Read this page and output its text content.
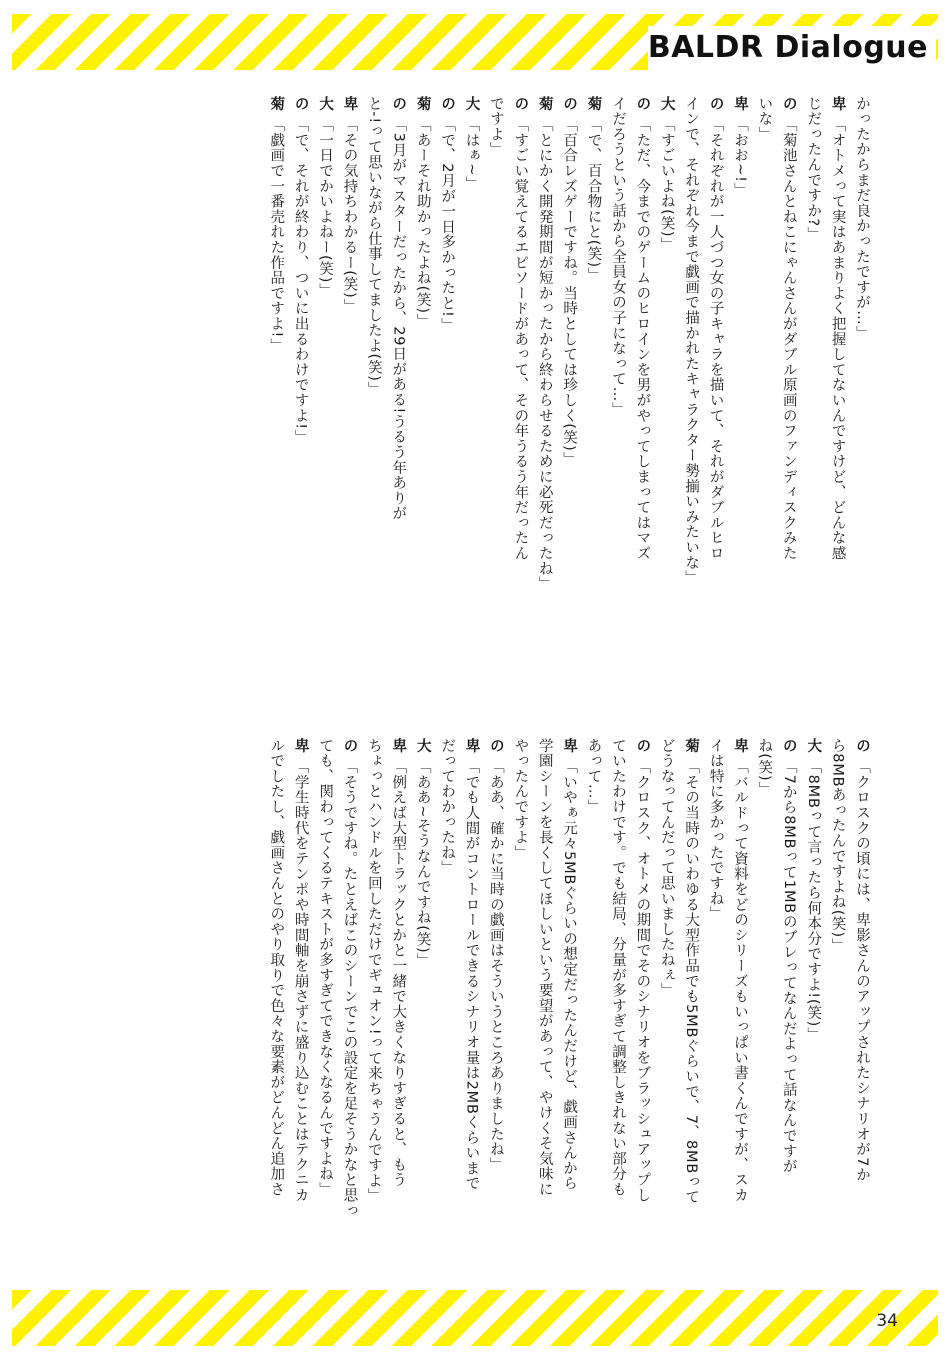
BALDR Dialogue
かったからまだ良かったですが…」
卑「オトメって実はあまりよく把握してないんですけど、どんな感
じだったんですか?」
の「菊池さんとねこにゃんさんがダブル原画のファンディスクみた
いな」
卑「おお~!」
の「それぞれが一人づつ女の子キャラを描いて、それがダブルヒロ
インで、それぞれ今まで戯画で描かれたキャラクター勢揃いみたいな」
大「すごいよね(笑)」
の「ただ、今までのゲームのヒロインを男がやってしまってはマズ
イだろうという話から全員女の子になって…」
菊「で、百合物にと(笑)」
の「百合レズゲーですね。当時としては珍しく(笑)」
菊「とにかく開発期間が短かったから終わらせるために必死だったね」
の「すごい覚えてるエピソードがあって、その年うるう年だったん
ですよ」
大「はぁ~」
の「で、2月が一日多かったと!」
菊「あーそれ助かったよね(笑)」
の「3月がマスターだったから、29日がある!うるう年ありが
と-!って思いながら仕事してましたよ(笑)」
卑「その気持ちわかるー(笑)」
大「一日でかいよねー(笑)」
の「で、それが終わり、ついに出るわけですよ!」
菊「戯画で一番売れた作品ですよ!」
の「クロスクの頃には、卑影さんのアップされたシナリオが7か
ら8MBあったんですよね(笑)」
大「8MBって言ったら何本分ですよ!(笑)」
の「7から8MBって1MBのブレってなんだよって話なんですが
ね(笑)」
卑「バルドって資料をどのシリーズもいっぱい書くんですが、スカ
イは特に多かったですね」
菊「その当時のいわゆる大型作品でも5MBぐらいで、7、8MBって
どうなってんだって思いましたねぇ」
の「クロスク、オトメの期間でそのシナリオをブラッシュアップし
ていたわけです。でも結局、分量が多すぎて調整しきれない部分も
あって…」
卑「いやぁ元々5MBぐらいの想定だったんだけど、戯画さんから
学園シーンを長くしてほしいという要望があって、やけくそ気味に
やったんですよ」
の「ああ、確かに当時の戯画はそういうところありましたね」
卑「でも人間がコントロールできるシナリオ量は2MBくらいまで
だってわかったね」
大「ああ~そうなんですね(笑)」
卑「例えば大型トラックとかと一緒で大きくなりすぎると、もう
ちょっとハンドルを回しただけでギュオン!って来ちゃうんですよ」
の「そうですね。たとえばこのシーンでこの設定を足そうかなと思っ
ても、関わってくるテキストが多すぎてできなくなるんですよね」
卑「学生時代をテンポや時間軸を崩さずに盛り込むことはテクニカ
ルでしたし、戯画さんとのやり取りで色々な要素がどんどん追加さ
34
